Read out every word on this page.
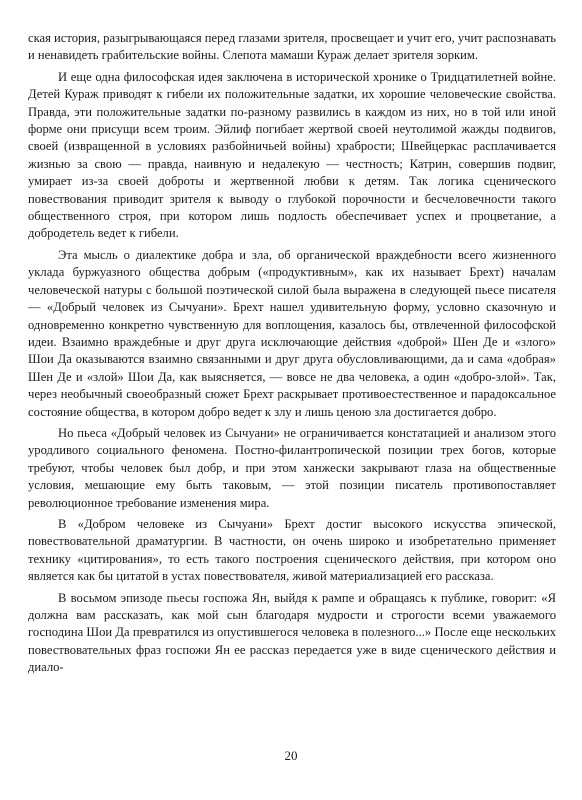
ская история, разыгрывающаяся перед глазами зрителя, просвещает и учит его, учит распознавать и ненавидеть грабительские войны. Слепота мамаши Кураж делает зрителя зорким.

И еще одна философская идея заключена в исторической хронике о Тридцатилетней войне. Детей Кураж приводят к гибели их положительные задатки, их хорошие человеческие свойства. Правда, эти положительные задатки по-разному развились в каждом из них, но в той или иной форме они присущи всем троим. Эйлиф погибает жертвой своей неутолимой жажды подвигов, своей (извращенной в условиях разбойничьей войны) храбрости; Швейцеркас расплачивается жизнью за свою — правда, наивную и недалекую — честность; Катрин, совершив подвиг, умирает из-за своей доброты и жертвенной любви к детям. Так логика сценического повествования приводит зрителя к выводу о глубокой порочности и бесчеловечности такого общественного строя, при котором лишь подлость обеспечивает успех и процветание, а добродетель ведет к гибели.

Эта мысль о диалектике добра и зла, об органической враждебности всего жизненного уклада буржуазного общества добрым («продуктивным», как их называет Брехт) началам человеческой натуры с большой поэтической силой была выражена в следующей пьесе писателя — «Добрый человек из Сычуани». Брехт нашел удивительную форму, условно сказочную и одновременно конкретно чувственную для воплощения, казалось бы, отвлеченной философской идеи. Взаимно враждебные и друг друга исключающие действия «доброй» Шен Де и «злого» Шои Да оказываются взаимно связанными и друг друга обусловливающими, да и сама «добрая» Шен Де и «злой» Шои Да, как выясняется, — вовсе не два человека, а один «добро-злой». Так, через необычный своеобразный сюжет Брехт раскрывает противоестественное и парадоксальное состояние общества, в котором добро ведет к злу и лишь ценою зла достигается добро.

Но пьеса «Добрый человек из Сычуани» не ограничивается констатацией и анализом этого уродливого социального феномена. Постно-филантропической позиции трех богов, которые требуют, чтобы человек был добр, и при этом ханжески закрывают глаза на общественные условия, мешающие ему быть таковым, — этой позиции писатель противопоставляет революционное требование изменения мира.

В «Добром человеке из Сычуани» Брехт достиг высокого искусства эпической, повествовательной драматургии. В частности, он очень широко и изобретательно применяет технику «цитирования», то есть такого построения сценического действия, при котором оно является как бы цитатой в устах повествователя, живой материализацией его рассказа.

В восьмом эпизоде пьесы госпожа Ян, выйдя к рампе и обращаясь к публике, говорит: «Я должна вам рассказать, как мой сын благодаря мудрости и строгости всеми уважаемого господина Шои Да превратился из опустившегося человека в полезного...» После еще нескольких повествовательных фраз госпожи Ян ее рассказ передается уже в виде сценического действия и диало-

20
